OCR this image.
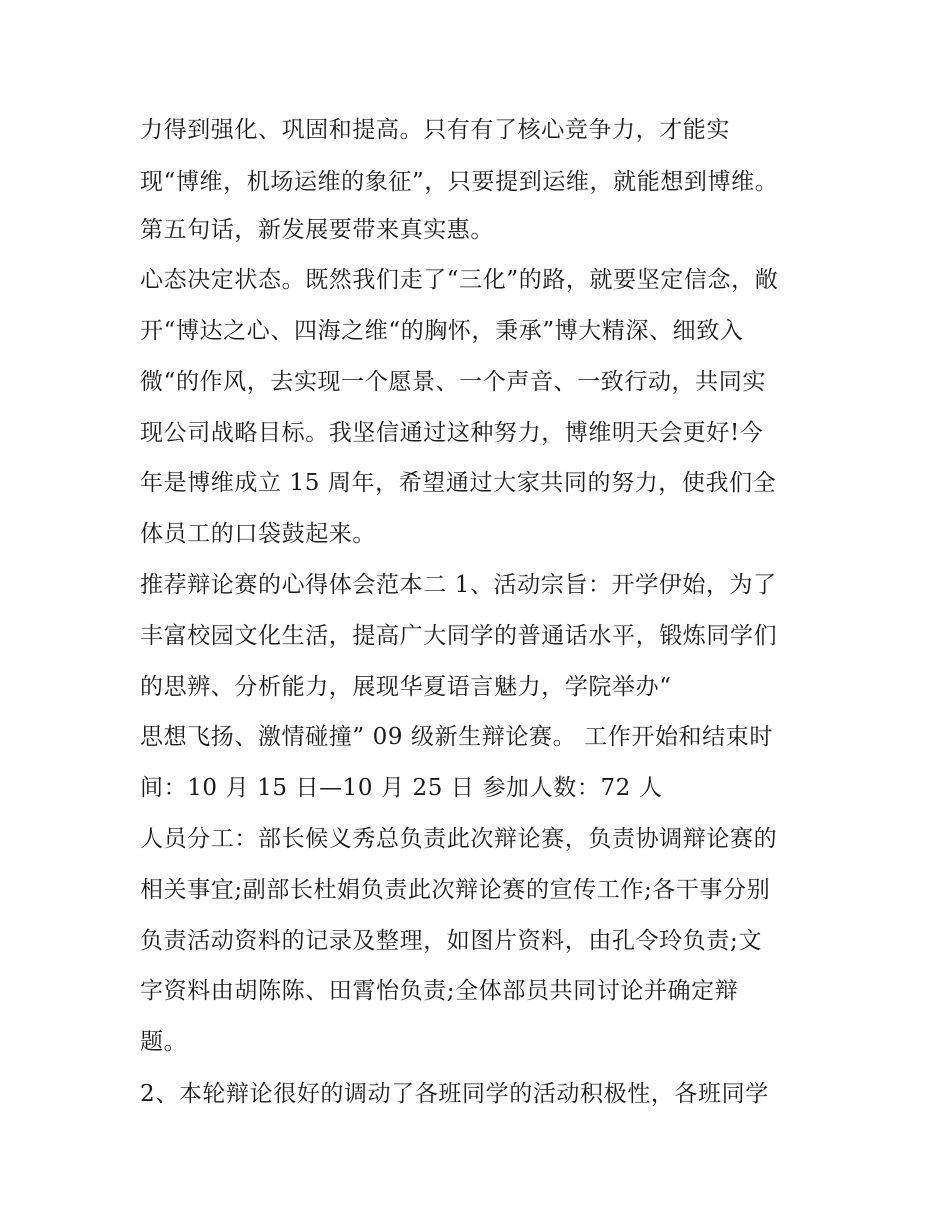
力得到强化、巩固和提高。只有有了核心竞争力，才能实
现“博维，机场运维的象征”，只要提到运维，就能想到博维。
第五句话，新发展要带来真实惠。
心态决定状态。既然我们走了“三化”的路，就要坚定信念，敞
开“博达之心、四海之维“的胸怀，秉承”博大精深、细致入
微“的作风，去实现一个愿景、一个声音、一致行动，共同实
现公司战略目标。我坚信通过这种努力，博维明天会更好!今
年是博维成立 15 周年，希望通过大家共同的努力，使我们全
体员工的口袋鼓起来。
推荐辩论赛的心得体会范本二 1、活动宗旨：开学伊始，为了
丰富校园文化生活，提高广大同学的普通话水平，锻炼同学们
的思辨、分析能力，展现华夏语言魅力，学院举办“
思想飞扬、激情碰撞” 09 级新生辩论赛。 工作开始和结束时
间：10 月 15 日—10 月 25 日 参加人数：72 人
人员分工：部长候义秀总负责此次辩论赛，负责协调辩论赛的
相关事宜;副部长杜娟负责此次辩论赛的宣传工作;各干事分别
负责活动资料的记录及整理，如图片资料，由孔令玲负责;文
字资料由胡陈陈、田霄怡负责;全体部员共同讨论并确定辩
题。
2、本轮辩论很好的调动了各班同学的活动积极性，各班同学
